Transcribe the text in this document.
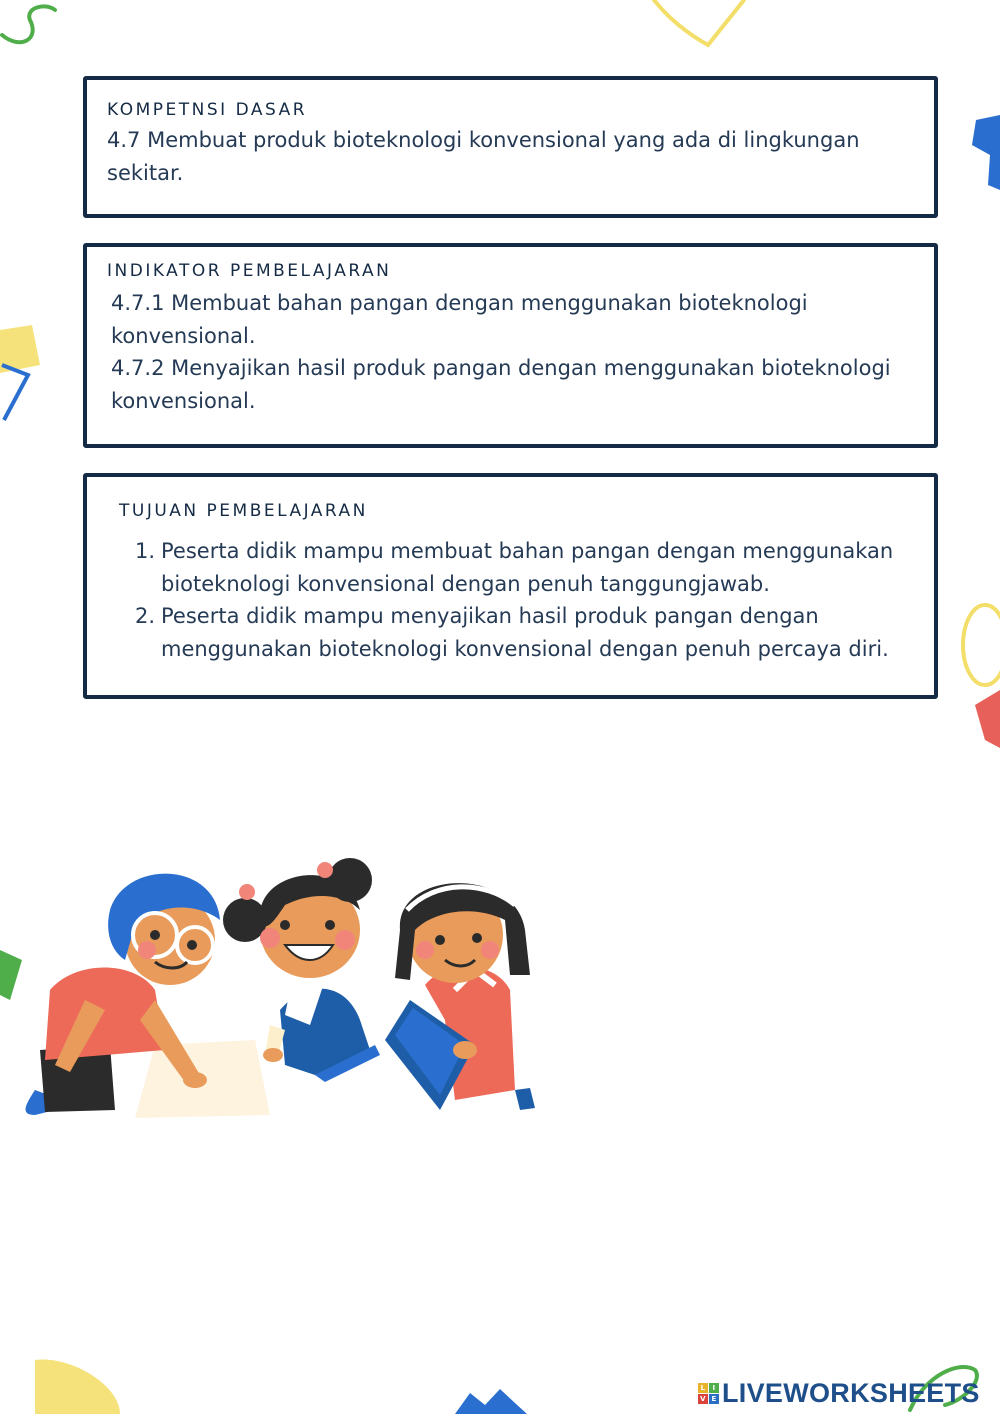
KOMPETNSI DASAR
4.7 Membuat produk bioteknologi konvensional yang ada di lingkungan
sekitar.
INDIKATOR PEMBELAJARAN
4.7.1 Membuat bahan pangan dengan menggunakan bioteknologi
konvensional.
4.7.2 Menyajikan hasil produk pangan dengan menggunakan bioteknologi
konvensional.
TUJUAN PEMBELAJARAN
1. Peserta didik mampu membuat bahan pangan dengan menggunakan
bioteknologi konvensional dengan penuh tanggungjawab.
2. Peserta didik mampu menyajikan hasil produk pangan dengan
menggunakan bioteknologi konvensional dengan penuh percaya diri.
L	I
V E LIVEWORKSHEETS
